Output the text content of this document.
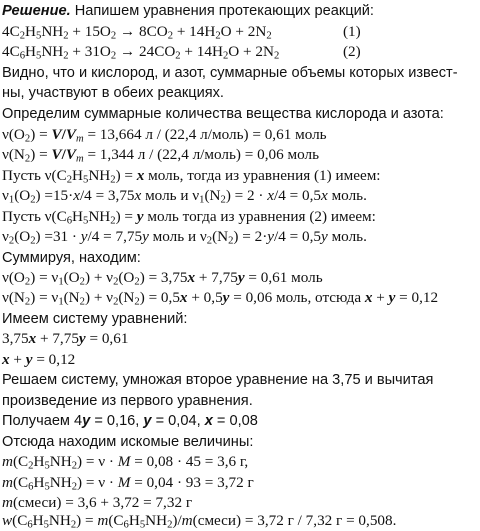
Решение. Напишем уравнения протекающих реакций:
$4C_2H_5NH_2 + 15O_2 \to 8CO_2 + 14H_2O + 2N_2$	(1)
$4C_6H_5NH_2 + 31O_2 \to 24CO_2 + 14H_2O + 2N_2$	(2)
Видно, что и кислород, и азот, суммарные объемы которых извест-
ны, участвуют в обеих реакциях.
Определим суммарные количества вещества кислорода и азота:
$\nu(O_2) = V/V_m = 13,664$ л / (22,4 л/моль) = 0,61 моль
$\nu(N_2) = V/V_m = 1,344$ л / (22,4 л/моль) = 0,06 моль
Пусть $\nu(C_2H_5NH_2) = x$ моль, тогда из уравнения (1) имеем:
$\nu_1(O_2) =15\cdot x/4 = 3,75x$ моль и $\nu_1(N_2) = 2 \cdot x/4 = 0,5x$ моль.
Пусть $\nu(C_6H_5NH_2) = y$ моль тогда из уравнения (2) имеем:
$\nu_2(O_2) =31 \cdot y/4 = 7,75y$ моль и $\nu_2(N_2) = 2\cdot y/4 = 0,5y$ моль.
Суммируя, находим:
$\nu(O_2) = \nu_1(O_2) + \nu_2(O_2) = 3,75x + 7,75y = 0,61$ моль
$\nu(N_2) = \nu_1(N_2) + \nu_2(N_2) = 0,5x + 0,5y = 0,06$ моль, отсюда x + y = 0,12
Имеем систему уравнений:
3,75x + 7,75y = 0,61
x + y = 0,12
Решаем систему, умножая второе уравнение на 3,75 и вычитая
произведение из первого уравнения.
Получаем 4y = 0,16, y = 0,04, x = 0,08
Отсюда находим искомые величины:
$m(C_2H_5NH_2) = \nu \cdot M = 0,08 \cdot 45 = 3,6$ г,
$m(C_6H_5NH_2) = \nu \cdot M = 0,04 \cdot 93 = 3,72$ г
m(смеси) = 3,6 + 3,72 = 7,32 г
$w(C_6H_5NH_2)$ = $m(C_6H_5NH_2)/m(смеси) = 3,72$ г / 7,32 г = 0,508.
